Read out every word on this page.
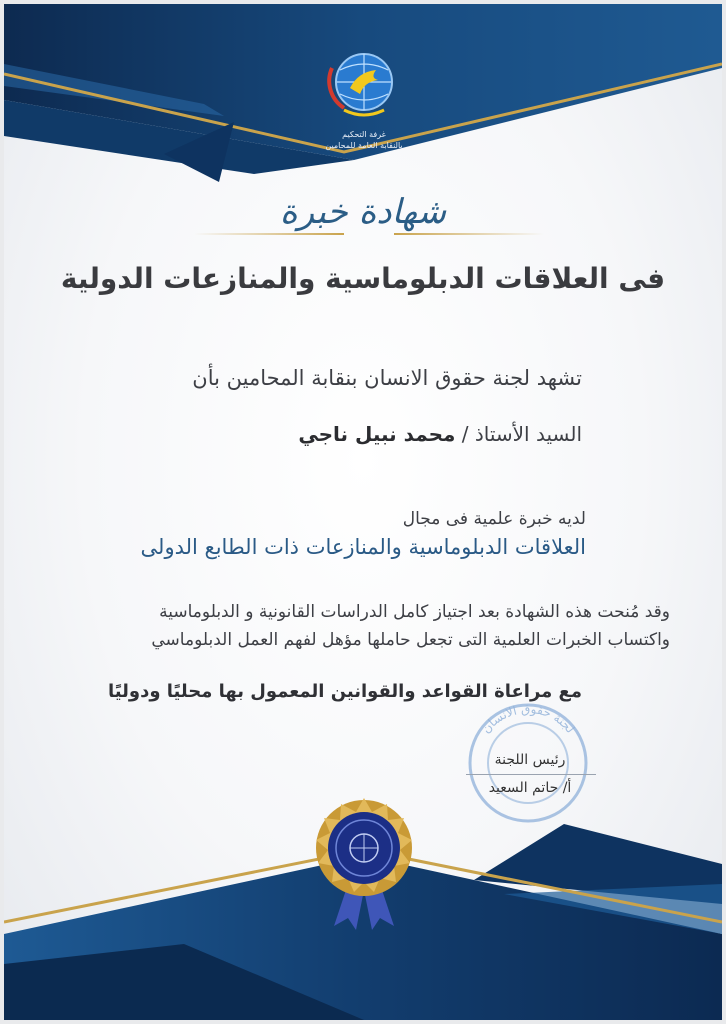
غرفة التحكيم
بالنقابة العامة للمحامين
شهادة خبرة
فى العلاقات الدبلوماسية والمنازعات الدولية
تشهد لجنة حقوق الانسان بنقابة المحامين بأن
السيد الأستاذ / محمد نبيل ناجي
لديه خبرة علمية فى مجال
العلاقات الدبلوماسية والمنازعات ذات الطابع الدولى
وقد مُنحت هذه الشهادة بعد اجتياز كامل الدراسات القانونية و الدبلوماسية
واكتساب الخبرات العلمية التى تجعل حاملها مؤهل لفهم العمل الدبلوماسي
مع مراعاة القواعد والقوانين المعمول بها محليًا ودوليًا
لجنة حقوق الانسان
رئيس اللجنة
أ/ حاتم السعيد
